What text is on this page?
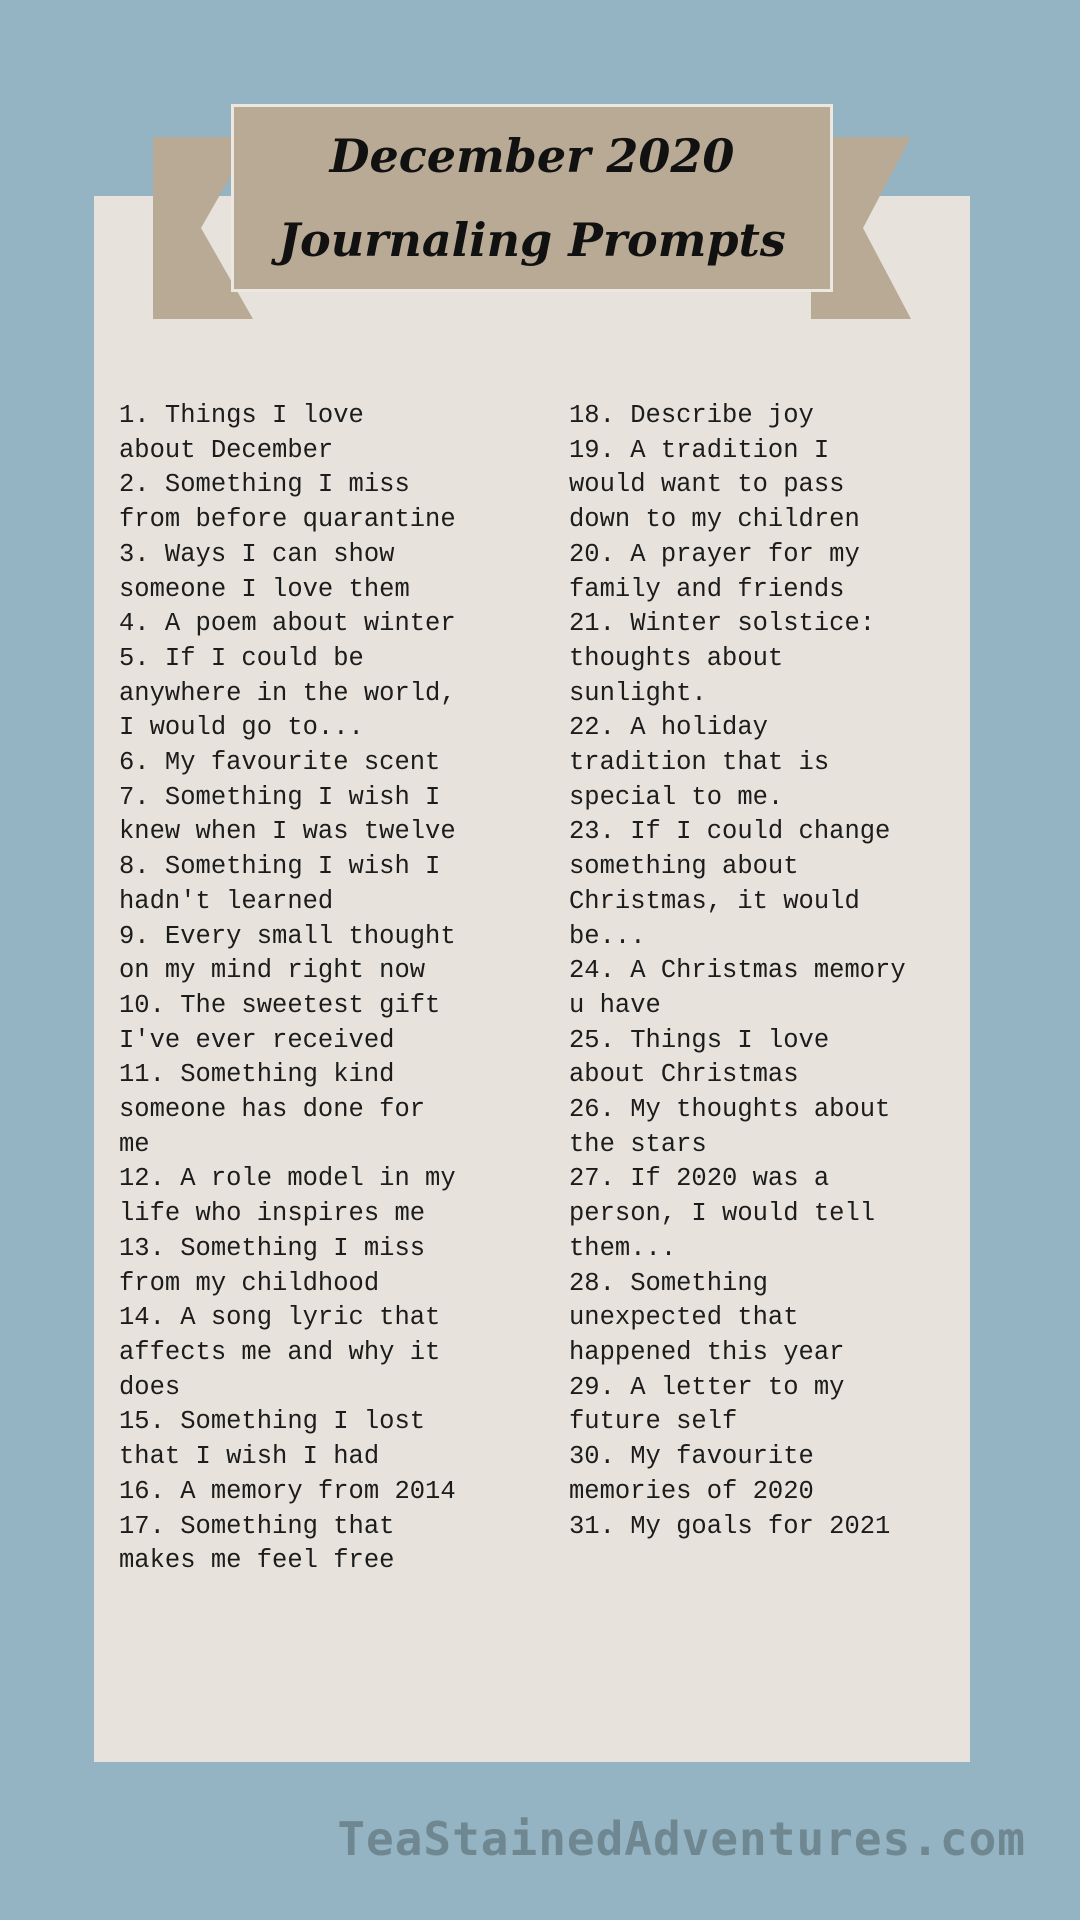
December 2020 Journaling Prompts
1. Things I love
about December
2. Something I miss
from before quarantine
3. Ways I can show
someone I love them
4. A poem about winter
5. If I could be
anywhere in the world,
I would go to...
6. My favourite scent
7. Something I wish I
knew when I was twelve
8. Something I wish I
hadn't learned
9. Every small thought
on my mind right now
10. The sweetest gift
I've ever received
11. Something kind
someone has done for
me
12. A role model in my
life who inspires me
13. Something I miss
from my childhood
14. A song lyric that
affects me and why it
does
15. Something I lost
that I wish I had
16. A memory from 2014
17. Something that
makes me feel free
18. Describe joy
19. A tradition I
would want to pass
down to my children
20. A prayer for my
family and friends
21. Winter solstice:
thoughts about
sunlight.
22. A holiday
tradition that is
special to me.
23. If I could change
something about
Christmas, it would
be...
24. A Christmas memory
u have
25. Things I love
about Christmas
26. My thoughts about
the stars
27. If 2020 was a
person, I would tell
them...
28. Something
unexpected that
happened this year
29. A letter to my
future self
30. My favourite
memories of 2020
31. My goals for 2021
TeaStainedAdventures.com
